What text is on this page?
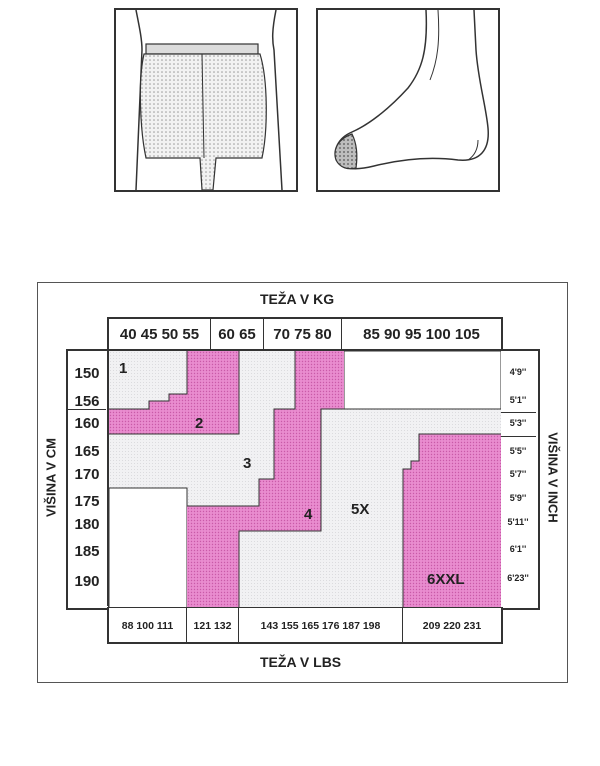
TEŽA V KG
40 45 50 55	60 65	70 75 80	85 90 95 100 105
150
156
160
165
170
175
180
185
190
4'9''
5'1''
5'3''
5'5''
5'7''
5'9''
5'11''
6'1''
6'23''
1
2
3
4	5X
6XXL
88 100 111	121 132	143 155 165 176 187 198	209 220 231
TEŽA V LBS
VIŠINA V CM	VIŠINA V INCH
